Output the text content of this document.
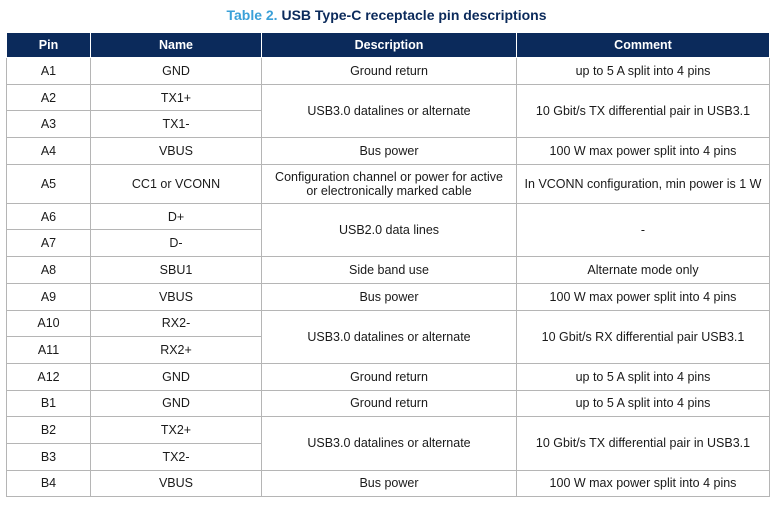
Table 2. USB Type-C receptacle pin descriptions
Pin	Name	Description	Comment
A1	GND	Ground return	up to 5 A split into 4 pins
A2	TX1+	USB3.0 datalines or alternate	10 Gbit/s TX differential pair in USB3.1
A3	TX1-		
A4	VBUS	Bus power	100 W max power split into 4 pins
A5	CC1 or VCONN	Configuration channel or power for active or electronically marked cable	In VCONN configuration, min power is 1 W
A6	D+	USB2.0 data lines	-
A7	D-		
A8	SBU1	Side band use	Alternate mode only
A9	VBUS	Bus power	100 W max power split into 4 pins
A10	RX2-	USB3.0 datalines or alternate	10 Gbit/s RX differential pair USB3.1
A11	RX2+		
A12	GND	Ground return	up to 5 A split into 4 pins
B1	GND	Ground return	up to 5 A split into 4 pins
B2	TX2+	USB3.0 datalines or alternate	10 Gbit/s TX differential pair in USB3.1
B3	TX2-		
B4	VBUS	Bus power	100 W max power split into 4 pins
